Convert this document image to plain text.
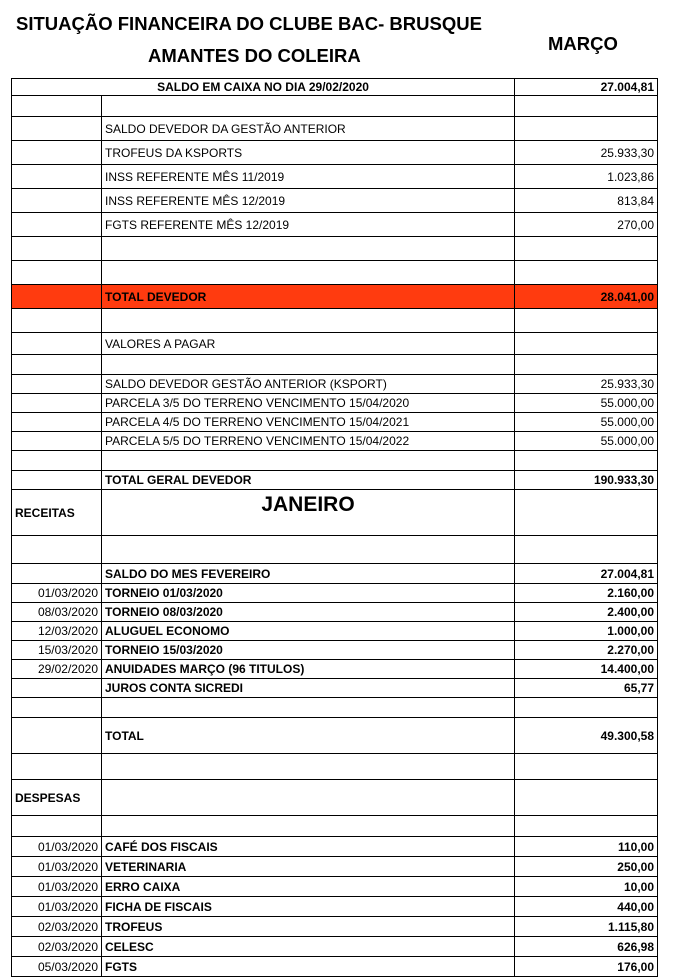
SITUAÇÃO FINANCEIRA DO CLUBE BAC- BRUSQUE
AMANTES DO COLEIRA
MARÇO
SALDO EM CAIXA NO DIA 29/02/2020		27.004,81

	SALDO DEVEDOR DA GESTÃO ANTERIOR	
	TROFEUS DA KSPORTS	25.933,30
	INSS REFERENTE MÊS 11/2019	1.023,86
	INSS REFERENTE MÊS 12/2019	813,84
	FGTS REFERENTE MÊS 12/2019	270,00

	TOTAL DEVEDOR	28.041,00

	VALORES A PAGAR	

	SALDO DEVEDOR GESTÃO ANTERIOR (KSPORT)	25.933,30
	PARCELA 3/5 DO TERRENO VENCIMENTO 15/04/2020	55.000,00
	PARCELA 4/5 DO TERRENO VENCIMENTO 15/04/2021	55.000,00
	PARCELA 5/5 DO TERRENO VENCIMENTO 15/04/2022	55.000,00

	TOTAL GERAL DEVEDOR	190.933,30
RECEITAS	JANEIRO	

	SALDO DO MES FEVEREIRO	27.004,81
01/03/2020	TORNEIO 01/03/2020	2.160,00
08/03/2020	TORNEIO 08/03/2020	2.400,00
12/03/2020	ALUGUEL ECONOMO	1.000,00
15/03/2020	TORNEIO 15/03/2020	2.270,00
29/02/2020	ANUIDADES MARÇO (96 TITULOS)	14.400,00
	JUROS CONTA SICREDI	65,77

	TOTAL	49.300,58

DESPESAS		

01/03/2020	CAFÉ DOS FISCAIS	110,00
01/03/2020	VETERINARIA	250,00
01/03/2020	ERRO CAIXA	10,00
01/03/2020	FICHA DE FISCAIS	440,00
02/03/2020	TROFEUS	1.115,80
02/03/2020	CELESC	626,98
05/03/2020	FGTS	176,00
